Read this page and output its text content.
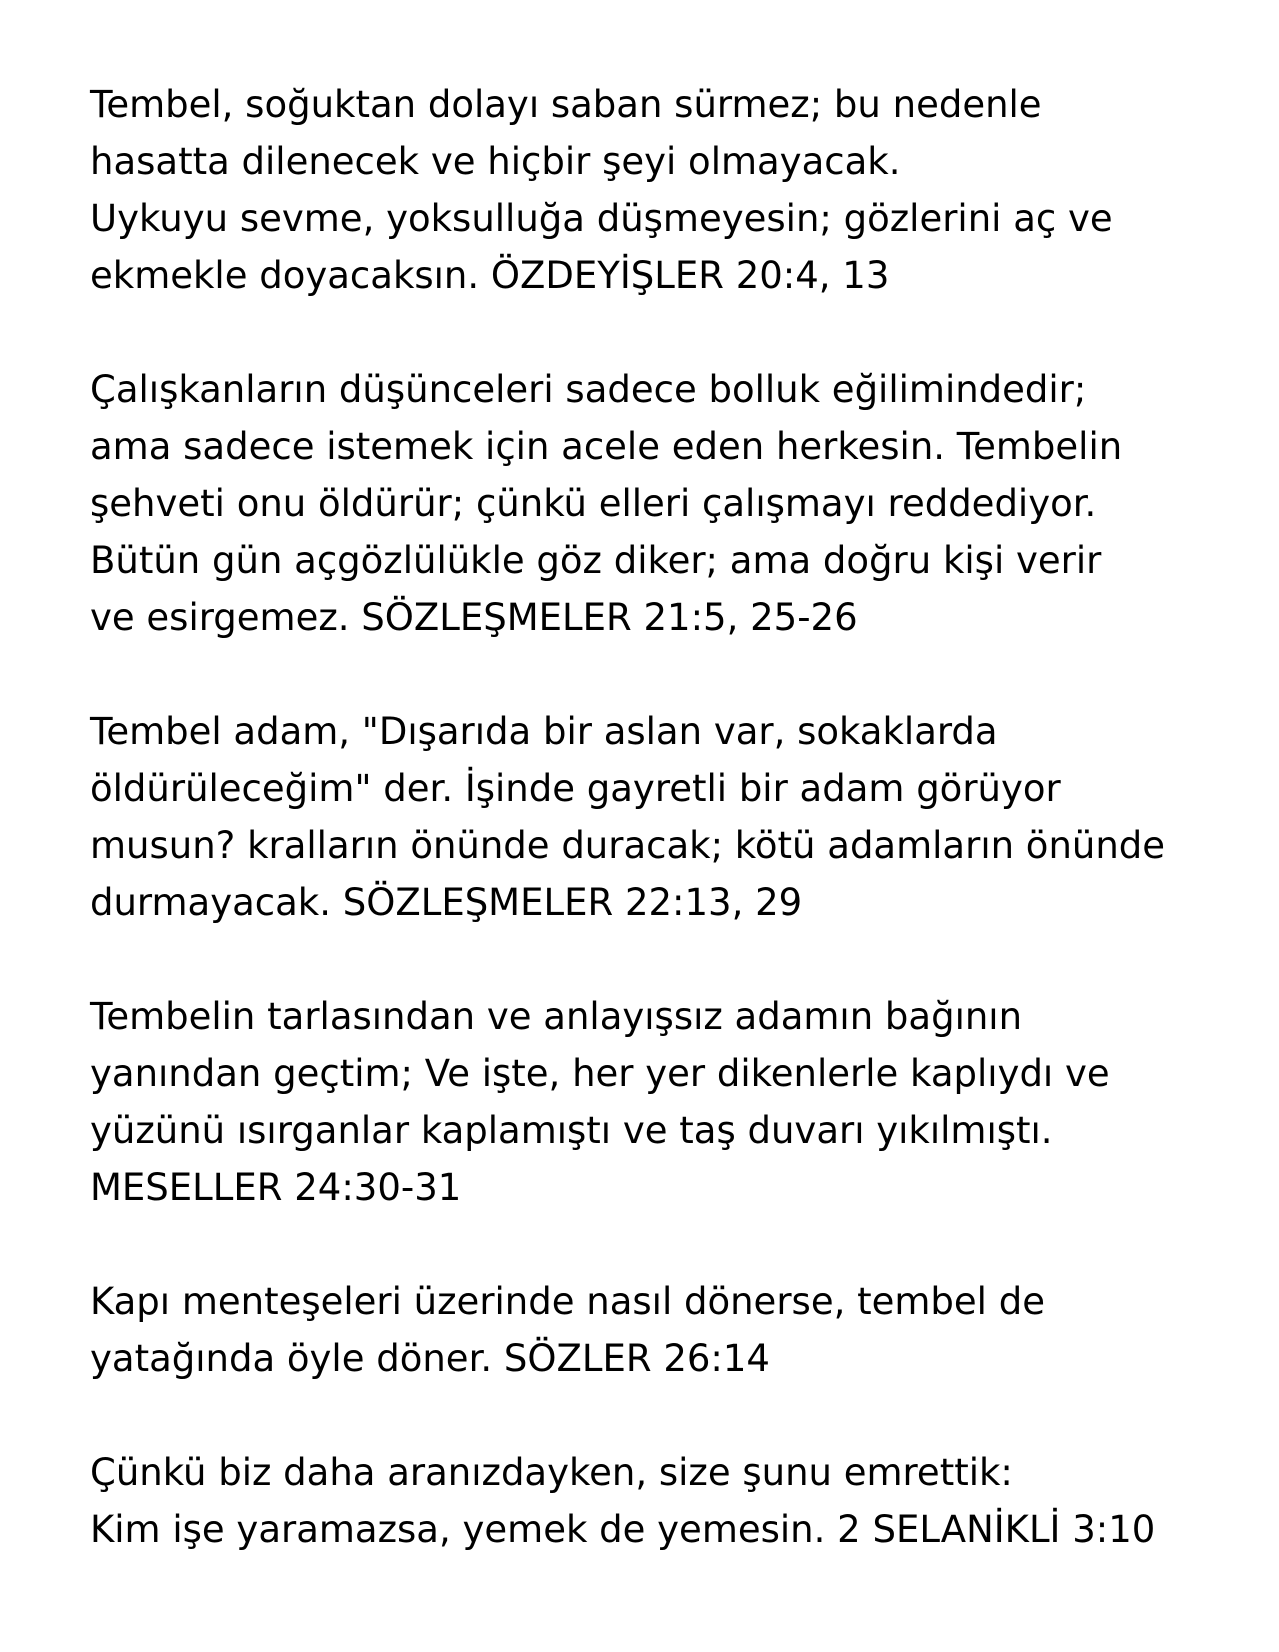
Tembel, soğuktan dolayı saban sürmez; bu nedenle
hasatta dilenecek ve hiçbir şeyi olmayacak.
Uykuyu sevme, yoksulluğa düşmeyesin; gözlerini aç ve
ekmekle doyacaksın. ÖZDEYİŞLER 20:4, 13

Çalışkanların düşünceleri sadece bolluk eğilimindedir;
ama sadece istemek için acele eden herkesin. Tembelin
şehveti onu öldürür; çünkü elleri çalışmayı reddediyor.
Bütün gün açgözlülükle göz diker; ama doğru kişi verir
ve esirgemez. SÖZLEŞMELER 21:5, 25-26

Tembel adam, "Dışarıda bir aslan var, sokaklarda
öldürüleceğim" der. İşinde gayretli bir adam görüyor
musun? kralların önünde duracak; kötü adamların önünde
durmayacak. SÖZLEŞMELER 22:13, 29

Tembelin tarlasından ve anlayışsız adamın bağının
yanından geçtim; Ve işte, her yer dikenlerle kaplıydı ve
yüzünü ısırganlar kaplamıştı ve taş duvarı yıkılmıştı.
MESELLER 24:30-31

Kapı menteşeleri üzerinde nasıl dönerse, tembel de
yatağında öyle döner. SÖZLER 26:14

Çünkü biz daha aranızdayken, size şunu emrettik:
Kim işe yaramazsa, yemek de yemesin. 2 SELANİKLİ 3:10
